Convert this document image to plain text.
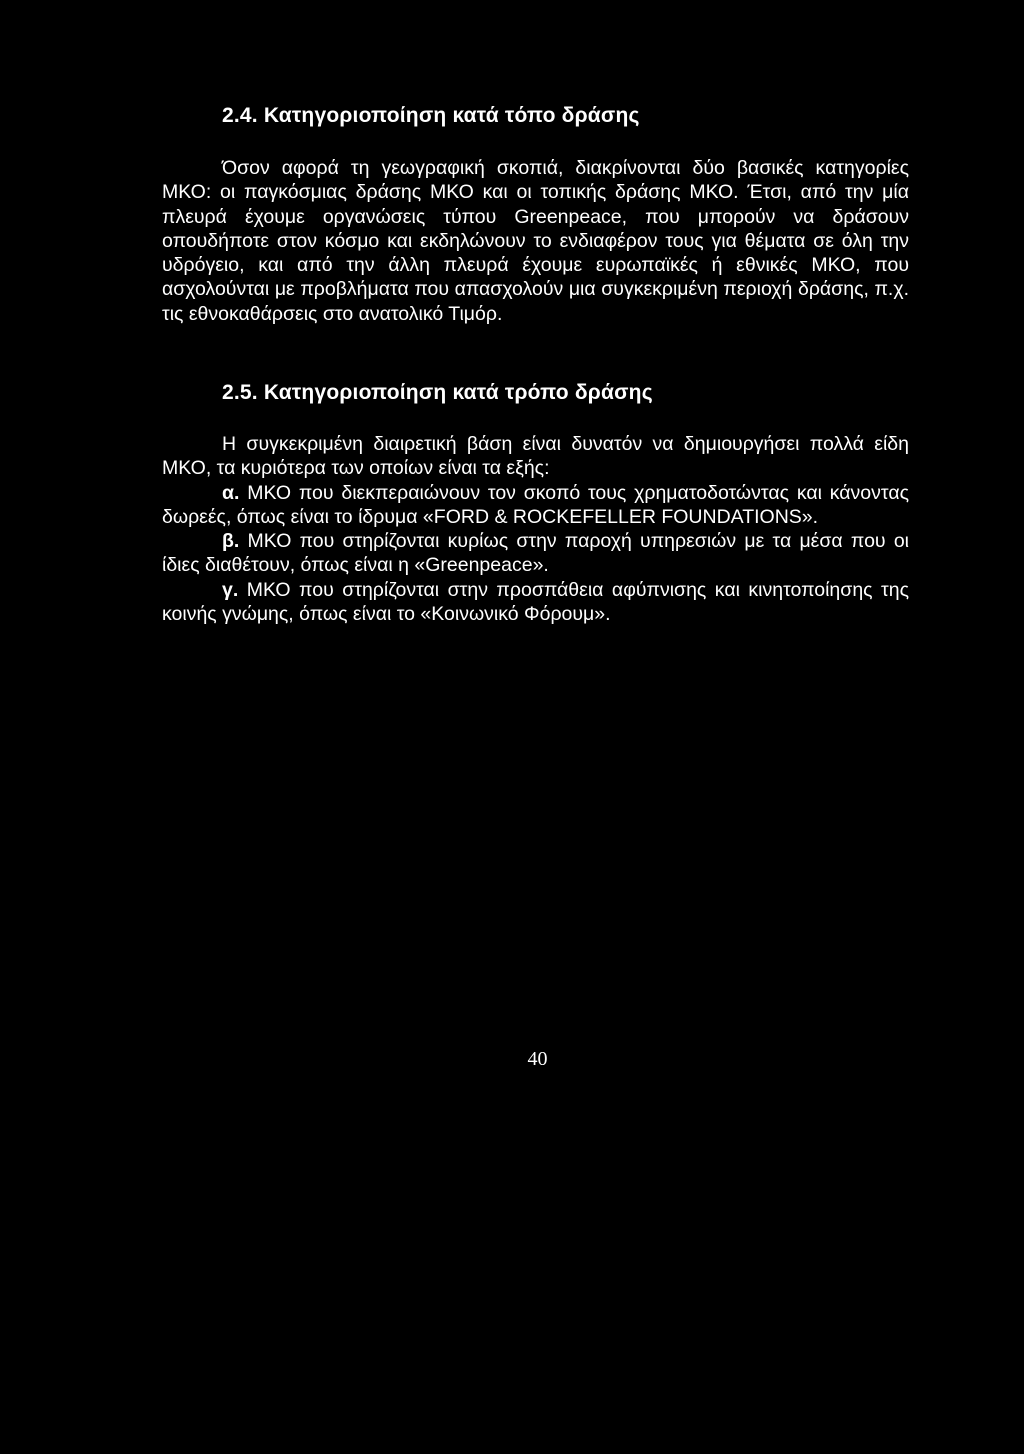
2.4. Κατηγοριοποίηση κατά τόπο δράσης

Όσον αφορά τη γεωγραφική σκοπιά, διακρίνονται δύο βασικές κατηγορίες ΜΚΟ: οι παγκόσμιας δράσης ΜΚΟ και οι τοπικής δράσης ΜΚΟ. Έτσι, από την μία πλευρά έχουμε οργανώσεις τύπου Greenpeace, που μπορούν να δράσουν οπουδήποτε στον κόσμο και εκδηλώνουν το ενδιαφέρον τους για θέματα σε όλη την υδρόγειο, και από την άλλη πλευρά έχουμε ευρωπαϊκές ή εθνικές ΜΚΟ, που ασχολούνται με προβλήματα που απασχολούν μια συγκεκριμένη περιοχή δράσης, π.χ. τις εθνοκαθάρσεις στο ανατολικό Τιμόρ.

2.5. Κατηγοριοποίηση κατά τρόπο δράσης

Η συγκεκριμένη διαιρετική βάση είναι δυνατόν να δημιουργήσει πολλά είδη ΜΚΟ, τα κυριότερα των οποίων είναι τα εξής:

α. ΜΚΟ που διεκπεραιώνουν τον σκοπό τους χρηματοδοτώντας και κάνοντας δωρεές, όπως είναι το ίδρυμα «FORD & ROCKEFELLER FOUNDATIONS».

β. ΜΚΟ που στηρίζονται κυρίως στην παροχή υπηρεσιών με τα μέσα που οι ίδιες διαθέτουν, όπως είναι η «Greenpeace».

γ. ΜΚΟ που στηρίζονται στην προσπάθεια αφύπνισης και κινητοποίησης της κοινής γνώμης, όπως είναι το «Κοινωνικό Φόρουμ».

40
